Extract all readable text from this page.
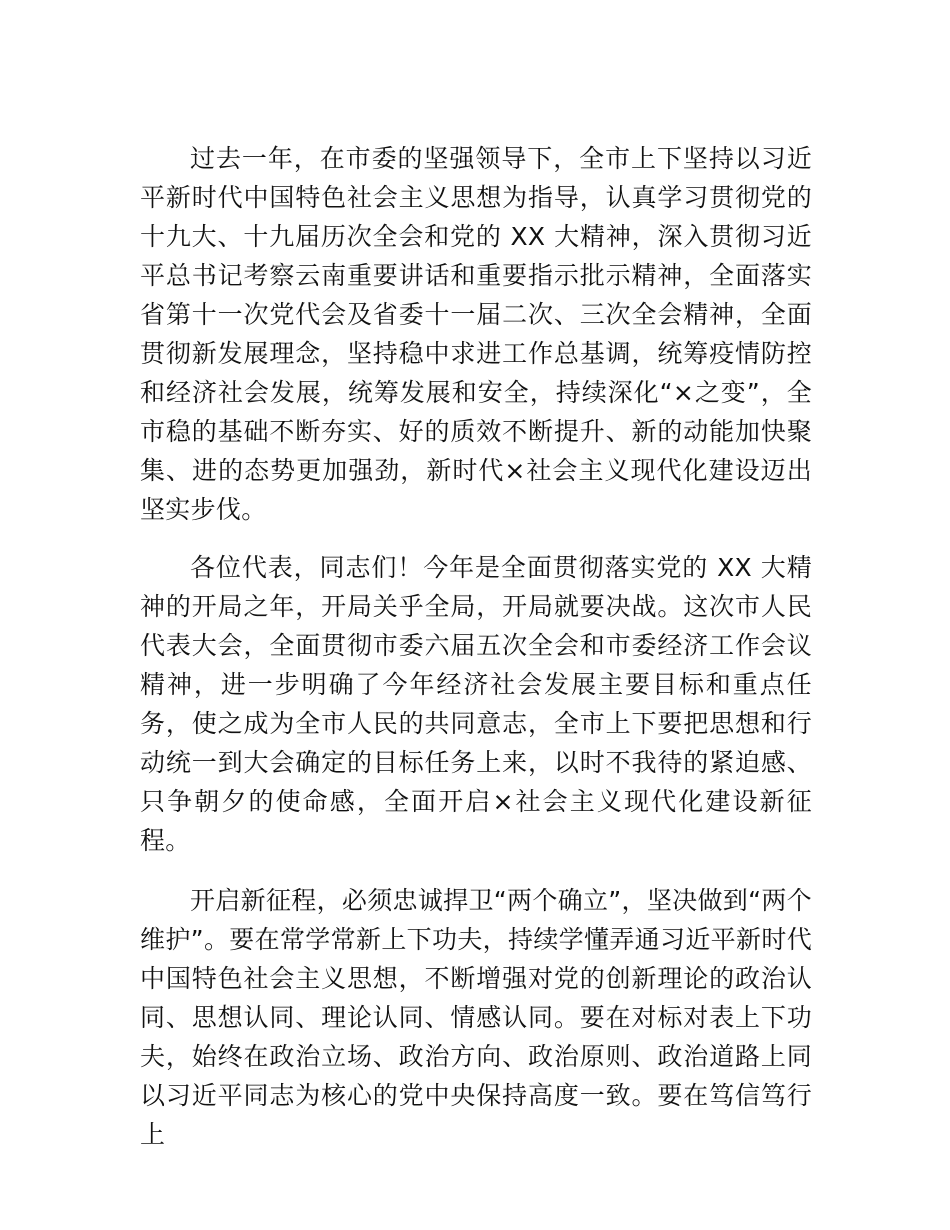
过去一年，在市委的坚强领导下，全市上下坚持以习近平新时代中国特色社会主义思想为指导，认真学习贯彻党的十九大、十九届历次全会和党的 XX 大精神，深入贯彻习近平总书记考察云南重要讲话和重要指示批示精神，全面落实省第十一次党代会及省委十一届二次、三次全会精神，全面贯彻新发展理念，坚持稳中求进工作总基调，统筹疫情防控和经济社会发展，统筹发展和安全，持续深化“×之变”，全市稳的基础不断夯实、好的质效不断提升、新的动能加快聚集、进的态势更加强劲，新时代×社会主义现代化建设迈出坚实步伐。

各位代表，同志们！今年是全面贯彻落实党的 XX 大精神的开局之年，开局关乎全局，开局就要决战。这次市人民代表大会，全面贯彻市委六届五次全会和市委经济工作会议精神，进一步明确了今年经济社会发展主要目标和重点任务，使之成为全市人民的共同意志，全市上下要把思想和行动统一到大会确定的目标任务上来，以时不我待的紧迫感、只争朝夕的使命感，全面开启×社会主义现代化建设新征程。

开启新征程，必须忠诚捍卫“两个确立”，坚决做到“两个维护”。要在常学常新上下功夫，持续学懂弄通习近平新时代中国特色社会主义思想，不断增强对党的创新理论的政治认同、思想认同、理论认同、情感认同。要在对标对表上下功夫，始终在政治立场、政治方向、政治原则、政治道路上同以习近平同志为核心的党中央保持高度一致。要在笃信笃行上
